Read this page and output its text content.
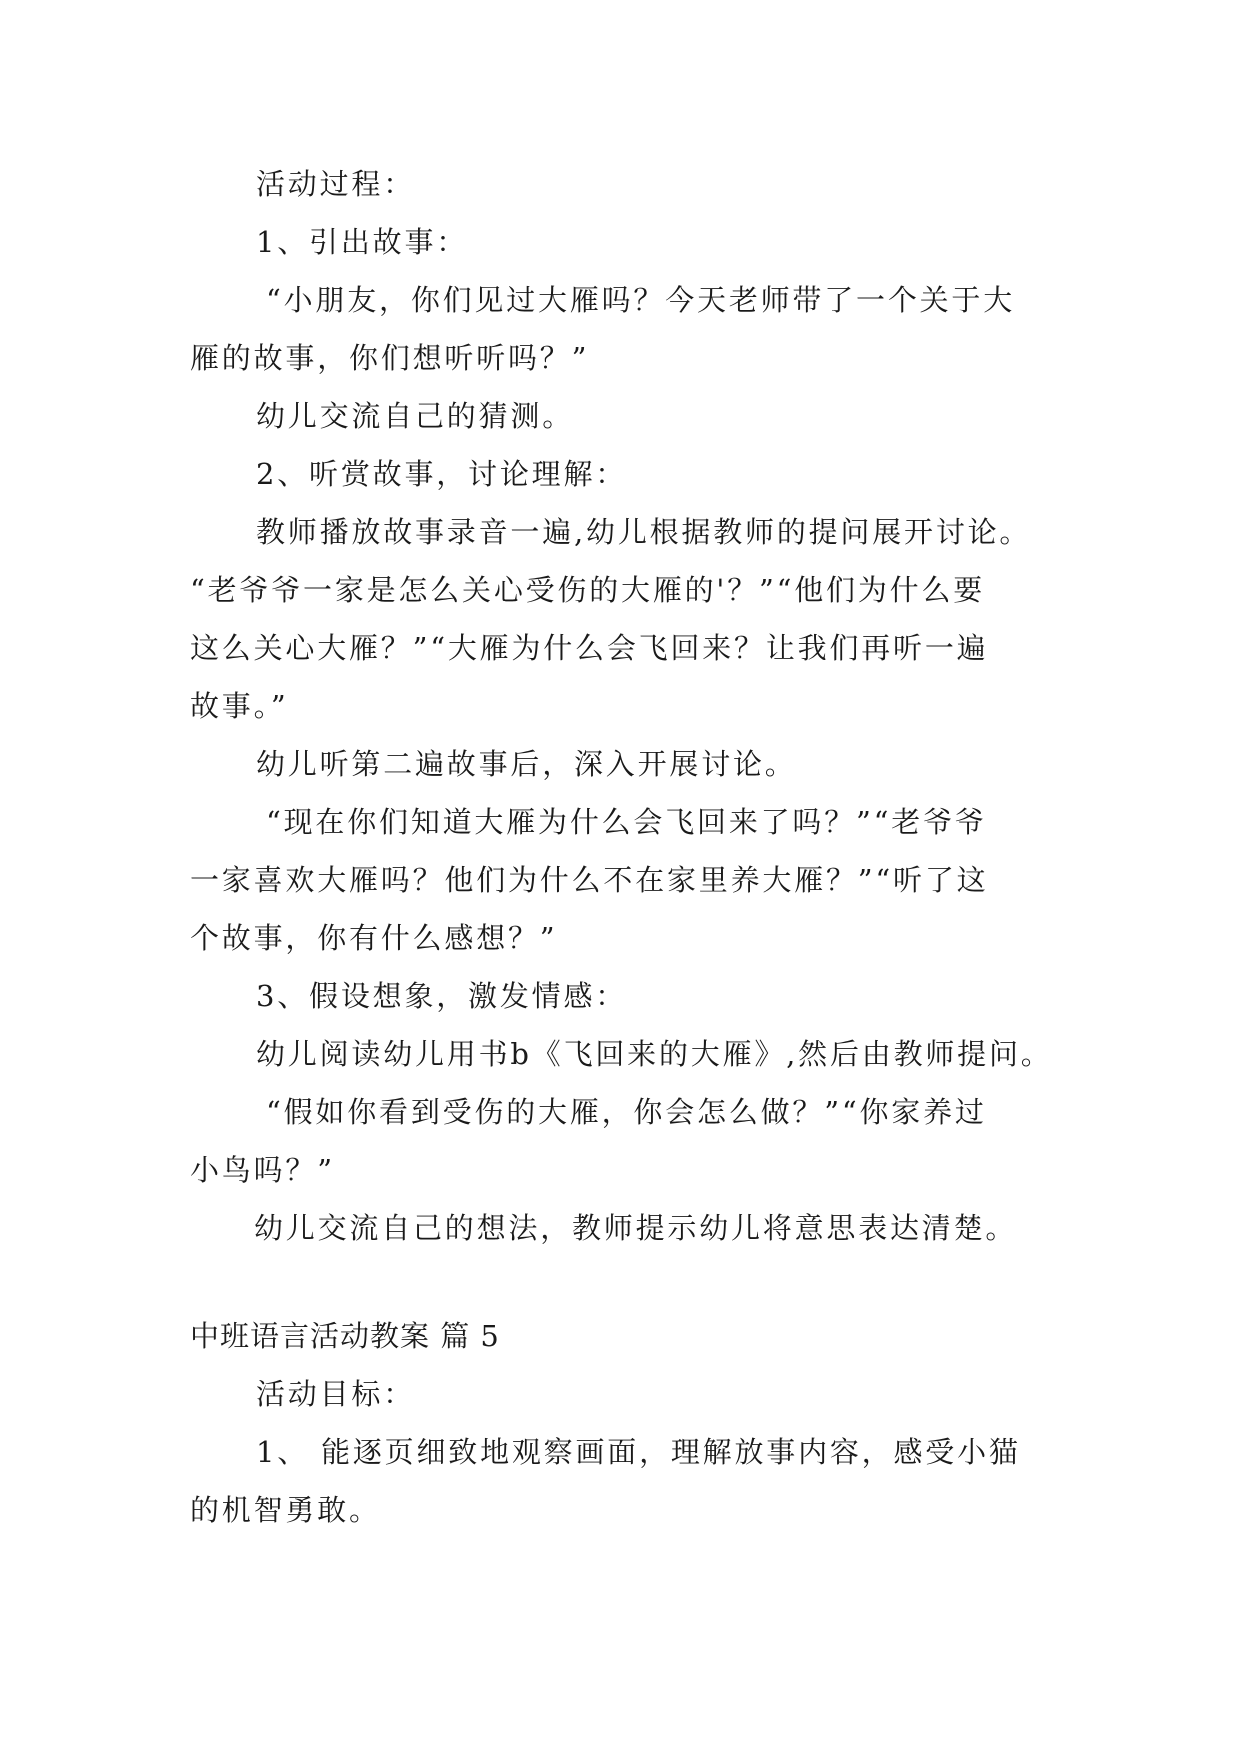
活动过程：
1、引出故事：
“小朋友，你们见过大雁吗？今天老师带了一个关于大
雁的故事，你们想听听吗？”
幼儿交流自己的猜测。
2、听赏故事，讨论理解：
教师播放故事录音一遍,幼儿根据教师的提问展开讨论。
“老爷爷一家是怎么关心受伤的大雁的'？”“他们为什么要
这么关心大雁？”“大雁为什么会飞回来？让我们再听一遍
故事。”
幼儿听第二遍故事后，深入开展讨论。
“现在你们知道大雁为什么会飞回来了吗？”“老爷爷
一家喜欢大雁吗？他们为什么不在家里养大雁？”“听了这
个故事，你有什么感想？”
3、假设想象，激发情感：
幼儿阅读幼儿用书b《飞回来的大雁》,然后由教师提问。
“假如你看到受伤的大雁，你会怎么做？”“你家养过
小鸟吗？”
幼儿交流自己的想法，教师提示幼儿将意思表达清楚。
中班语言活动教案 篇 5
活动目标：
1、 能逐页细致地观察画面，理解放事内容，感受小猫
的机智勇敢。
